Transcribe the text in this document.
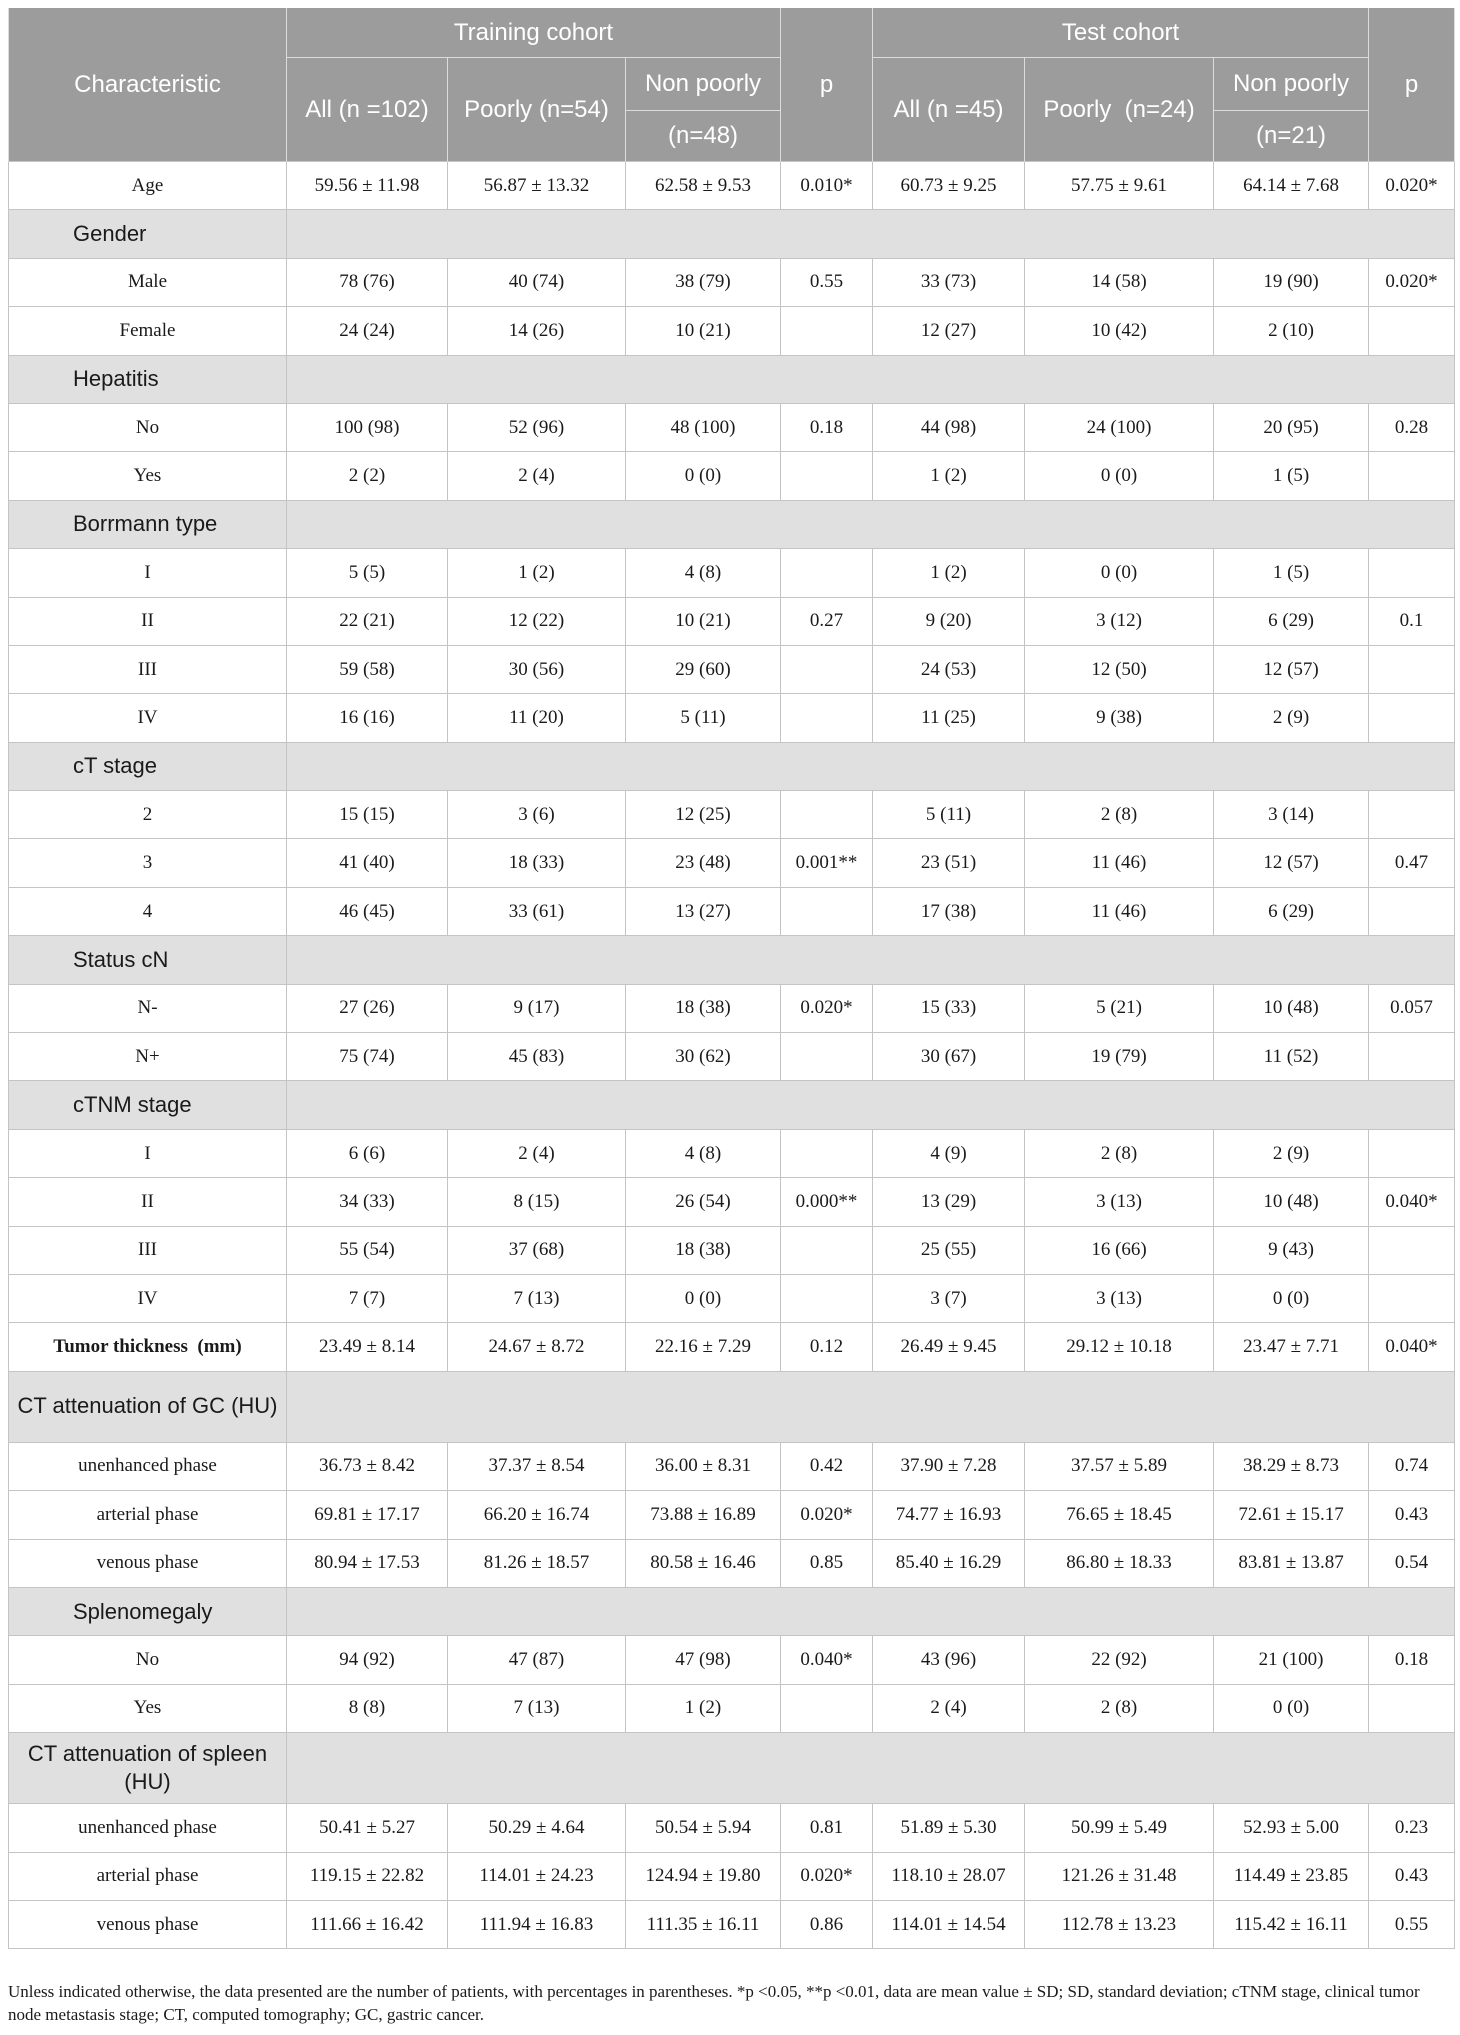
Characteristic	Training cohort			p	Test cohort			p
	All (n =102)	Poorly (n=54)	Non poorly		All (n =45)	Poorly  (n=24)	Non poorly	
			(n=48)				(n=21)	
Age	59.56 ± 11.98	56.87 ± 13.32	62.58 ± 9.53	0.010*	60.73 ± 9.25	57.75 ± 9.61	64.14 ± 7.68	0.020*
Gender								
Male	78 (76)	40 (74)	38 (79)	0.55	33 (73)	14 (58)	19 (90)	0.020*
Female	24 (24)	14 (26)	10 (21)		12 (27)	10 (42)	2 (10)	
Hepatitis								
No	100 (98)	52 (96)	48 (100)	0.18	44 (98)	24 (100)	20 (95)	0.28
Yes	2 (2)	2 (4)	0 (0)		1 (2)	0 (0)	1 (5)	
Borrmann type								
I	5 (5)	1 (2)	4 (8)		1 (2)	0 (0)	1 (5)	
II	22 (21)	12 (22)	10 (21)	0.27	9 (20)	3 (12)	6 (29)	0.1
III	59 (58)	30 (56)	29 (60)		24 (53)	12 (50)	12 (57)	
IV	16 (16)	11 (20)	5 (11)		11 (25)	9 (38)	2 (9)	
cT stage								
2	15 (15)	3 (6)	12 (25)		5 (11)	2 (8)	3 (14)	
3	41 (40)	18 (33)	23 (48)	0.001**	23 (51)	11 (46)	12 (57)	0.47
4	46 (45)	33 (61)	13 (27)		17 (38)	11 (46)	6 (29)	
Status cN								
N-	27 (26)	9 (17)	18 (38)	0.020*	15 (33)	5 (21)	10 (48)	0.057
N+	75 (74)	45 (83)	30 (62)		30 (67)	19 (79)	11 (52)	
cTNM stage								
I	6 (6)	2 (4)	4 (8)		4 (9)	2 (8)	2 (9)	
II	34 (33)	8 (15)	26 (54)	0.000**	13 (29)	3 (13)	10 (48)	0.040*
III	55 (54)	37 (68)	18 (38)		25 (55)	16 (66)	9 (43)	
IV	7 (7)	7 (13)	0 (0)		3 (7)	3 (13)	0 (0)	
Tumor thickness  (mm)	23.49 ± 8.14	24.67 ± 8.72	22.16 ± 7.29	0.12	26.49 ± 9.45	29.12 ± 10.18	23.47 ± 7.71	0.040*
CT attenuation of GC (HU)								
unenhanced phase	36.73 ± 8.42	37.37 ± 8.54	36.00 ± 8.31	0.42	37.90 ± 7.28	37.57 ± 5.89	38.29 ± 8.73	0.74
arterial phase	69.81 ± 17.17	66.20 ± 16.74	73.88 ± 16.89	0.020*	74.77 ± 16.93	76.65 ± 18.45	72.61 ± 15.17	0.43
venous phase	80.94 ± 17.53	81.26 ± 18.57	80.58 ± 16.46	0.85	85.40 ± 16.29	86.80 ± 18.33	83.81 ± 13.87	0.54
Splenomegaly								
No	94 (92)	47 (87)	47 (98)	0.040*	43 (96)	22 (92)	21 (100)	0.18
Yes	8 (8)	7 (13)	1 (2)		2 (4)	2 (8)	0 (0)	
CT attenuation of spleen (HU)								
unenhanced phase	50.41 ± 5.27	50.29 ± 4.64	50.54 ± 5.94	0.81	51.89 ± 5.30	50.99 ± 5.49	52.93 ± 5.00	0.23
arterial phase	119.15 ± 22.82	114.01 ± 24.23	124.94 ± 19.80	0.020*	118.10 ± 28.07	121.26 ± 31.48	114.49 ± 23.85	0.43
venous phase	111.66 ± 16.42	111.94 ± 16.83	111.35 ± 16.11	0.86	114.01 ± 14.54	112.78 ± 13.23	115.42 ± 16.11	0.55
Unless indicated otherwise, the data presented are the number of patients, with percentages in parentheses. *p <0.05, **p <0.01, data are mean value ± SD; SD, standard deviation; cTNM stage, clinical tumor node metastasis stage; CT, computed tomography; GC, gastric cancer.
